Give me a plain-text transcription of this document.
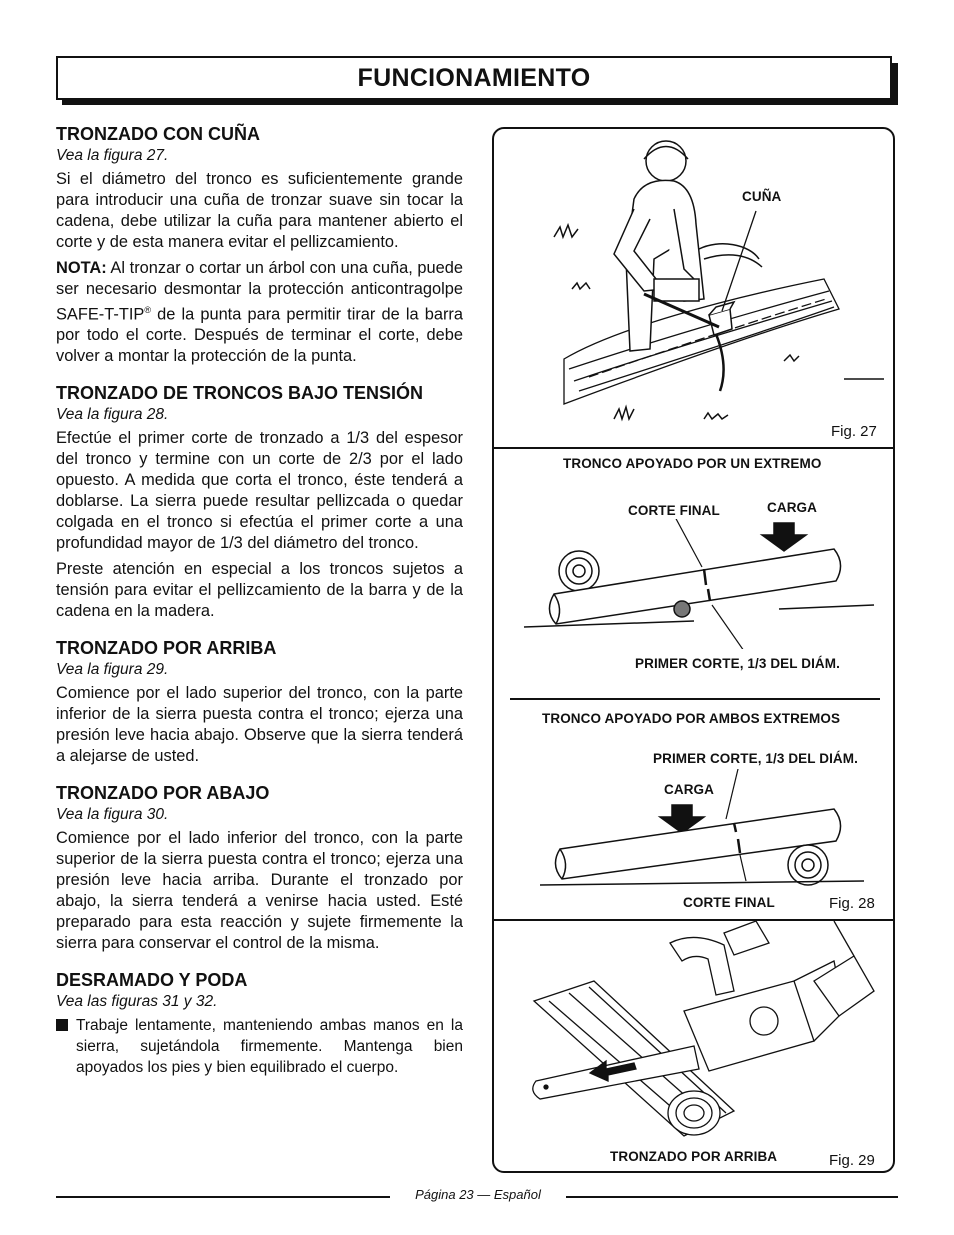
FUNCIONAMIENTO
TRONZADO CON CUÑA
Vea la figura 27.

Si el diámetro del tronco es suficientemente grande para introducir una cuña de tronzar suave sin tocar la cadena, debe utilizar la cuña para mantener abierto el corte y de esta manera evitar el pellizcamiento.

NOTA: Al tronzar o cortar un árbol con una cuña, puede ser necesario desmontar la protección anticontragolpe SAFE-T-TIP® de la punta para permitir tirar de la barra por todo el corte. Después de terminar el corte, debe volver a montar la protección de la punta.

TRONZADO DE TRONCOS BAJO TENSIÓN
Vea la figura 28.

Efectúe el primer corte de tronzado a 1/3 del espesor del tronco y termine con un corte de 2/3 por el lado opuesto. A medida que corta el tronco, éste tenderá a doblarse. La sierra puede resultar pellizcada o quedar colgada en el tronco si efectúa el primer corte a una profundidad mayor de 1/3 del diámetro del tronco.

Preste atención en especial a los troncos sujetos a tensión para evitar el pellizcamiento de la barra y de la cadena en la madera.

TRONZADO POR ARRIBA
Vea la figura 29.

Comience por el lado superior del tronco, con la parte inferior de la sierra puesta contra el tronco; ejerza una presión leve hacia abajo. Observe que la sierra tenderá a alejarse de usted.

TRONZADO POR ABAJO
Vea la figura 30.

Comience por el lado inferior del tronco, con la parte superior de la sierra puesta contra el tronco; ejerza una presión leve hacia arriba. Durante el tronzado por abajo, la sierra tenderá a venirse hacia usted. Esté preparado para esta reacción y sujete firmemente la sierra para conservar el control de la misma.

DESRAMADO Y PODA
Vea las figuras 31 y 32.
Trabaje lentamente, manteniendo ambas manos en la sierra, sujetándola firmemente. Mantenga bien apoyados los pies y bien equilibrado el cuerpo.
CUÑA
Fig. 27
TRONCO APOYADO POR UN EXTREMO
CORTE FINAL	CARGA
PRIMER CORTE, 1/3 DEL DIÁM.
TRONCO APOYADO POR AMBOS EXTREMOS
PRIMER CORTE, 1/3 DEL DIÁM.
CARGA
CORTE FINAL	Fig. 28
TRONZADO POR ARRIBA	Fig. 29
Página 23 — Español
